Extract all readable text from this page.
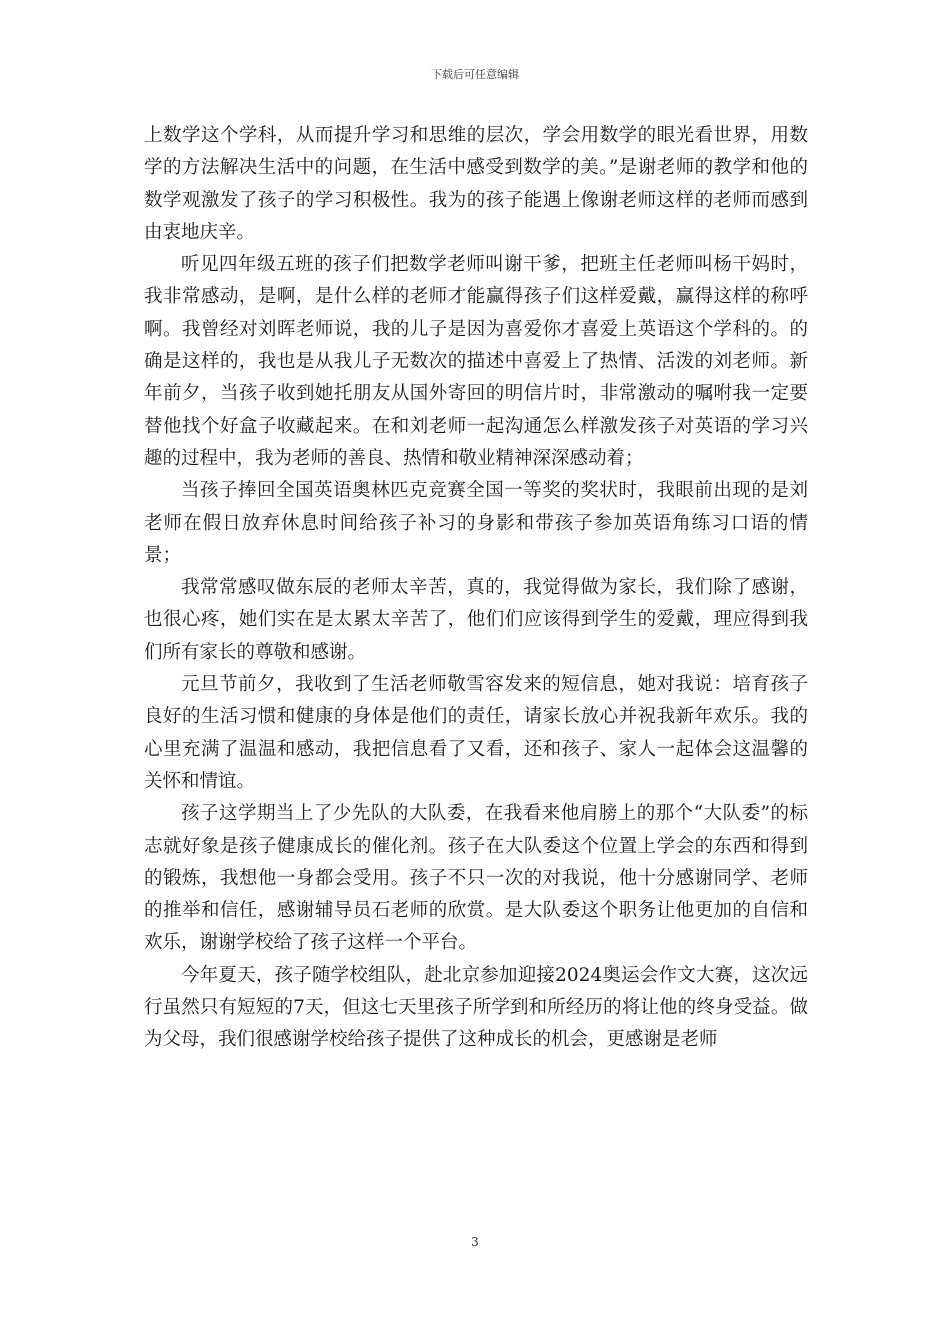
下载后可任意编辑

上数学这个学科，从而提升学习和思维的层次，学会用数学的眼光看世界，用数学的方法解决生活中的问题，在生活中感受到数学的美。”是谢老师的教学和他的数学观激发了孩子的学习积极性。我为的孩子能遇上像谢老师这样的老师而感到由衷地庆辛。

听见四年级五班的孩子们把数学老师叫谢干爹，把班主任老师叫杨干妈时，我非常感动，是啊，是什么样的老师才能赢得孩子们这样爱戴，赢得这样的称呼啊。我曾经对刘晖老师说，我的儿子是因为喜爱你才喜爱上英语这个学科的。的确是这样的，我也是从我儿子无数次的描述中喜爱上了热情、活泼的刘老师。新年前夕，当孩子收到她托朋友从国外寄回的明信片时，非常激动的嘱咐我一定要替他找个好盒子收藏起来。在和刘老师一起沟通怎么样激发孩子对英语的学习兴趣的过程中，我为老师的善良、热情和敬业精神深深感动着；

当孩子捧回全国英语奥林匹克竞赛全国一等奖的奖状时，我眼前出现的是刘老师在假日放弃休息时间给孩子补习的身影和带孩子参加英语角练习口语的情景；

我常常感叹做东辰的老师太辛苦，真的，我觉得做为家长，我们除了感谢，也很心疼，她们实在是太累太辛苦了，他们们应该得到学生的爱戴，理应得到我们所有家长的尊敬和感谢。

元旦节前夕，我收到了生活老师敬雪容发来的短信息，她对我说：培育孩子良好的生活习惯和健康的身体是他们的责任，请家长放心并祝我新年欢乐。我的心里充满了温温和感动，我把信息看了又看，还和孩子、家人一起体会这温馨的关怀和情谊。

孩子这学期当上了少先队的大队委，在我看来他肩膀上的那个“大队委”的标志就好象是孩子健康成长的催化剂。孩子在大队委这个位置上学会的东西和得到的锻炼，我想他一身都会受用。孩子不只一次的对我说，他十分感谢同学、老师的推举和信任，感谢辅导员石老师的欣赏。是大队委这个职务让他更加的自信和欢乐，谢谢学校给了孩子这样一个平台。

今年夏天，孩子随学校组队，赴北京参加迎接2024奥运会作文大赛，这次远行虽然只有短短的7天，但这七天里孩子所学到和所经历的将让他的终身受益。做为父母，我们很感谢学校给孩子提供了这种成长的机会，更感谢是老师

3
